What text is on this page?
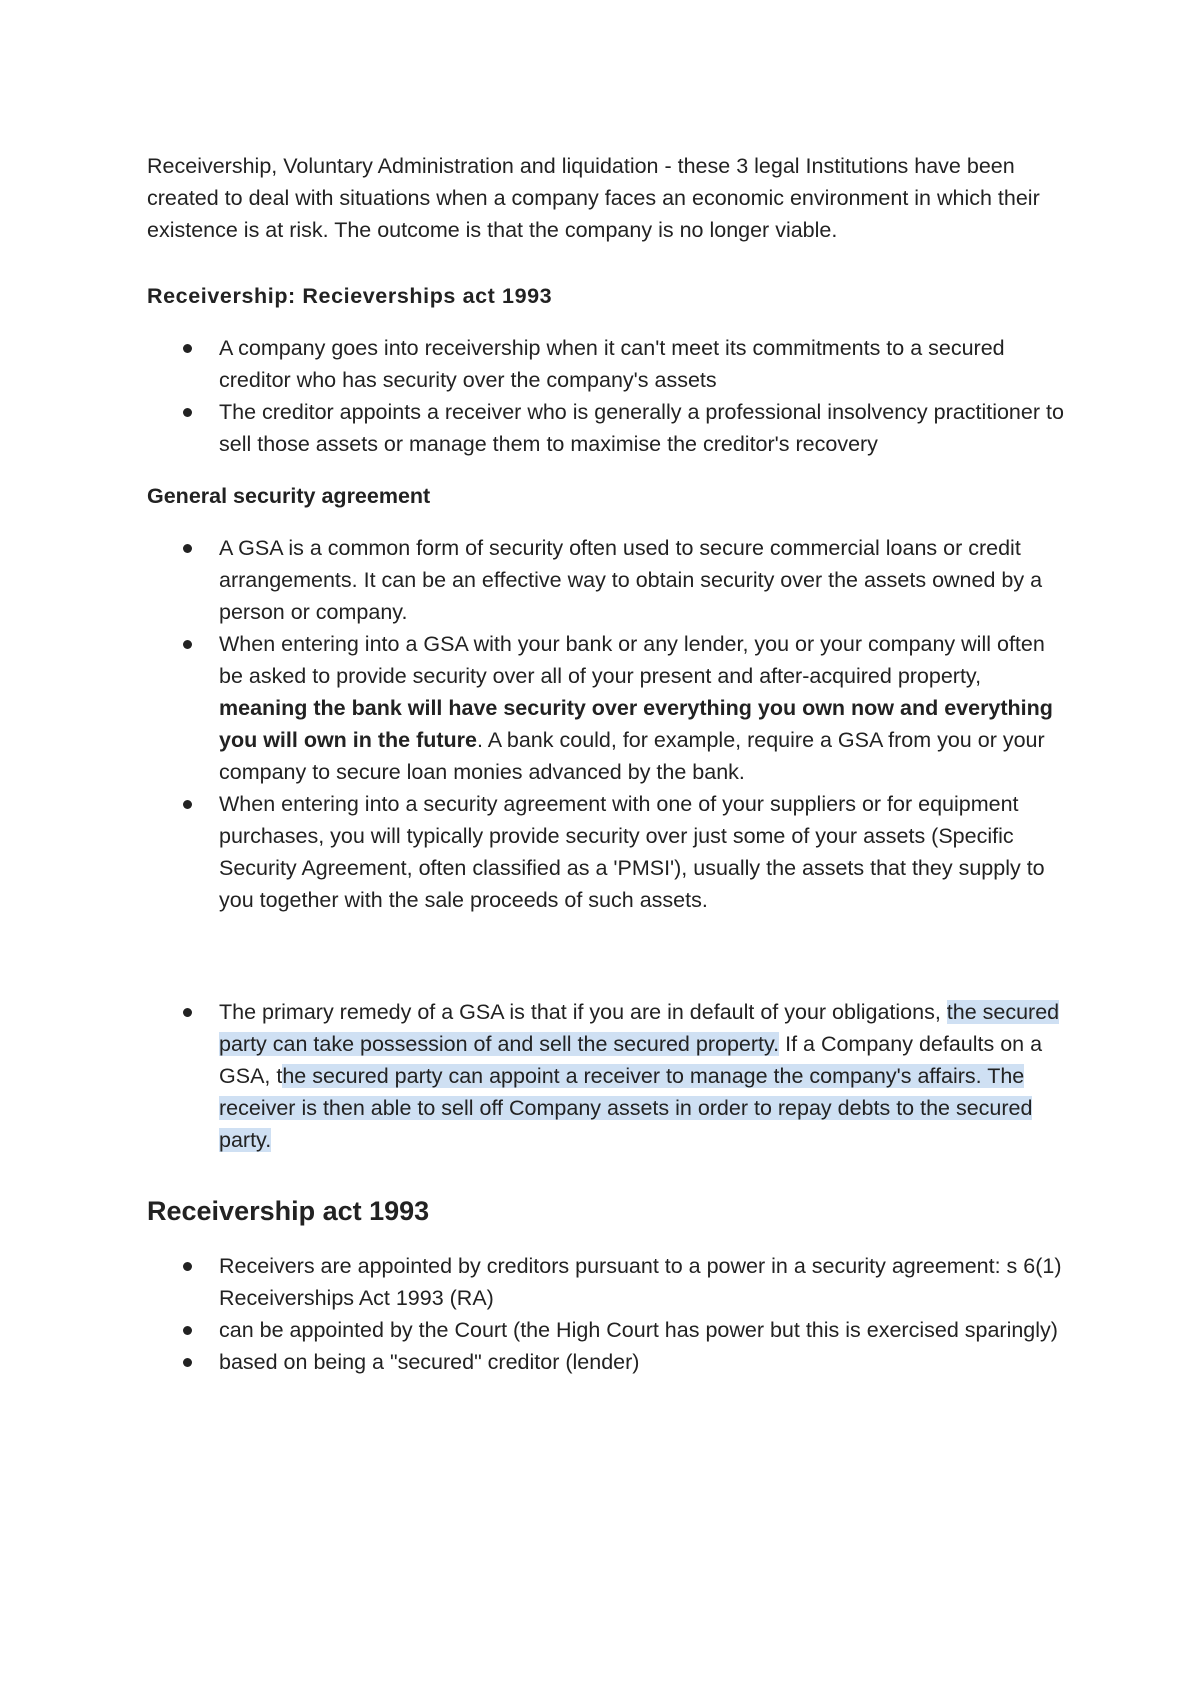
Receivership, Voluntary Administration and liquidation - these 3 legal Institutions have been created to deal with situations when a company faces an economic environment in which their existence is at risk. The outcome is that the company is no longer viable.

Receivership: Recieverships act 1993

A company goes into receivership when it can't meet its commitments to a secured creditor who has security over the company's assets
The creditor appoints a receiver who is generally a professional insolvency practitioner to sell those assets or manage them to maximise the creditor's recovery

General security agreement

A GSA is a common form of security often used to secure commercial loans or credit arrangements. It can be an effective way to obtain security over the assets owned by a person or company.
When entering into a GSA with your bank or any lender, you or your company will often be asked to provide security over all of your present and after-acquired property, meaning the bank will have security over everything you own now and everything you will own in the future. A bank could, for example, require a GSA from you or your company to secure loan monies advanced by the bank.
When entering into a security agreement with one of your suppliers or for equipment purchases, you will typically provide security over just some of your assets (Specific Security Agreement, often classified as a 'PMSI'), usually the assets that they supply to you together with the sale proceeds of such assets.
The primary remedy of a GSA is that if you are in default of your obligations, the secured party can take possession of and sell the secured property. If a Company defaults on a GSA, the secured party can appoint a receiver to manage the company's affairs. The receiver is then able to sell off Company assets in order to repay debts to the secured party.

Receivership act 1993

Receivers are appointed by creditors pursuant to a power in a security agreement: s 6(1) Receiverships Act 1993 (RA)
can be appointed by the Court (the High Court has power but this is exercised sparingly)
based on being a "secured" creditor (lender)
